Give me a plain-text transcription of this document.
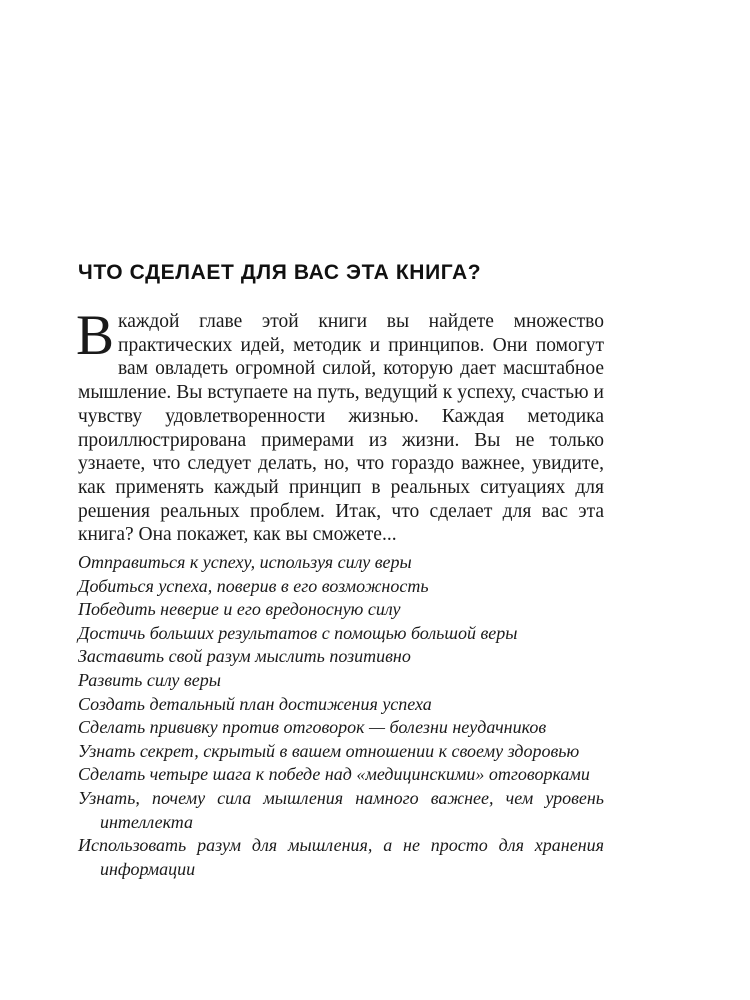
ЧТО СДЕЛАЕТ ДЛЯ ВАС ЭТА КНИГА?

В каждой главе этой книги вы найдете множество практических идей, методик и принципов. Они помогут вам овладеть огромной силой, которую дает масштабное мышление. Вы вступаете на путь, ведущий к успеху, счастью и чувству удовлетворенности жизнью. Каждая методика проиллюстрирована примерами из жизни. Вы не только узнаете, что следует делать, но, что гораздо важнее, увидите, как применять каждый принцип в реальных ситуациях для решения реальных проблем. Итак, что сделает для вас эта книга? Она покажет, как вы сможете...

Отправиться к успеху, используя силу веры
Добиться успеха, поверив в его возможность
Победить неверие и его вредоносную силу
Достичь больших результатов с помощью большой веры
Заставить свой разум мыслить позитивно
Развить силу веры
Создать детальный план достижения успеха
Сделать прививку против отговорок — болезни неудачников
Узнать секрет, скрытый в вашем отношении к своему здоровью
Сделать четыре шага к победе над «медицинскими» отговорками
Узнать, почему сила мышления намного важнее, чем уровень интеллекта
Использовать разум для мышления, а не просто для хранения информации
